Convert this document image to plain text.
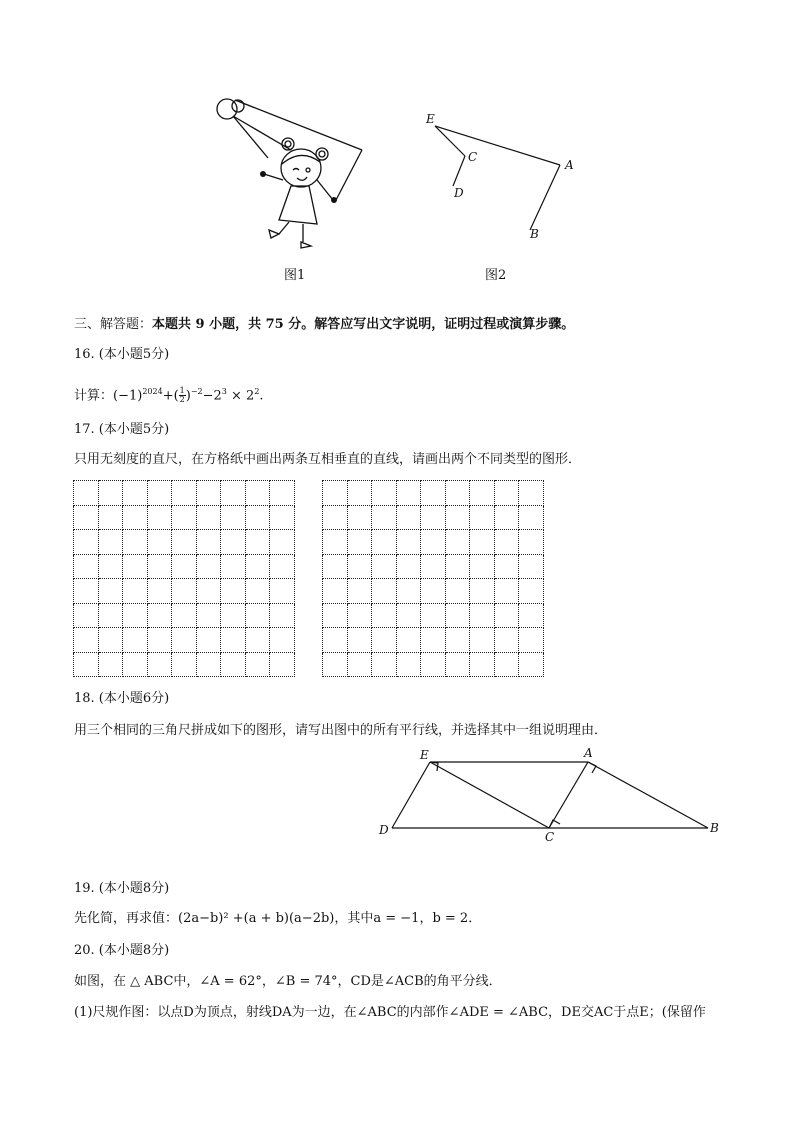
图1
E
C
D
A
B
图2
三、解答题：本题共 9 小题，共 75 分。解答应写出文字说明，证明过程或演算步骤。
16. (本小题5分)
计算：$(-1)^{2024}+( \frac{1}{2} )^{-2}-2^3 \times 2^2$.
17. (本小题5分)
只用无刻度的直尺，在方格纸中画出两条互相垂直的直线，请画出两个不同类型的图形．

18. (本小题6分)
用三个相同的三角尺拼成如下的图形，请写出图中的所有平行线，并选择其中一组说明理由．
E	A
D	C
B
19. (本小题8分)
先化简，再求值：(2a−b)² +(a + b)(a−2b)，其中a = −1，b = 2．
20. (本小题8分)
如图，在 △ ABC中，∠A = 62°，∠B = 74°，CD是∠ACB的角平分线．
(1)尺规作图：以点D为顶点，射线DA为一边，在∠ABC的内部作∠ADE = ∠ABC，DE交AC于点E；(保留作
